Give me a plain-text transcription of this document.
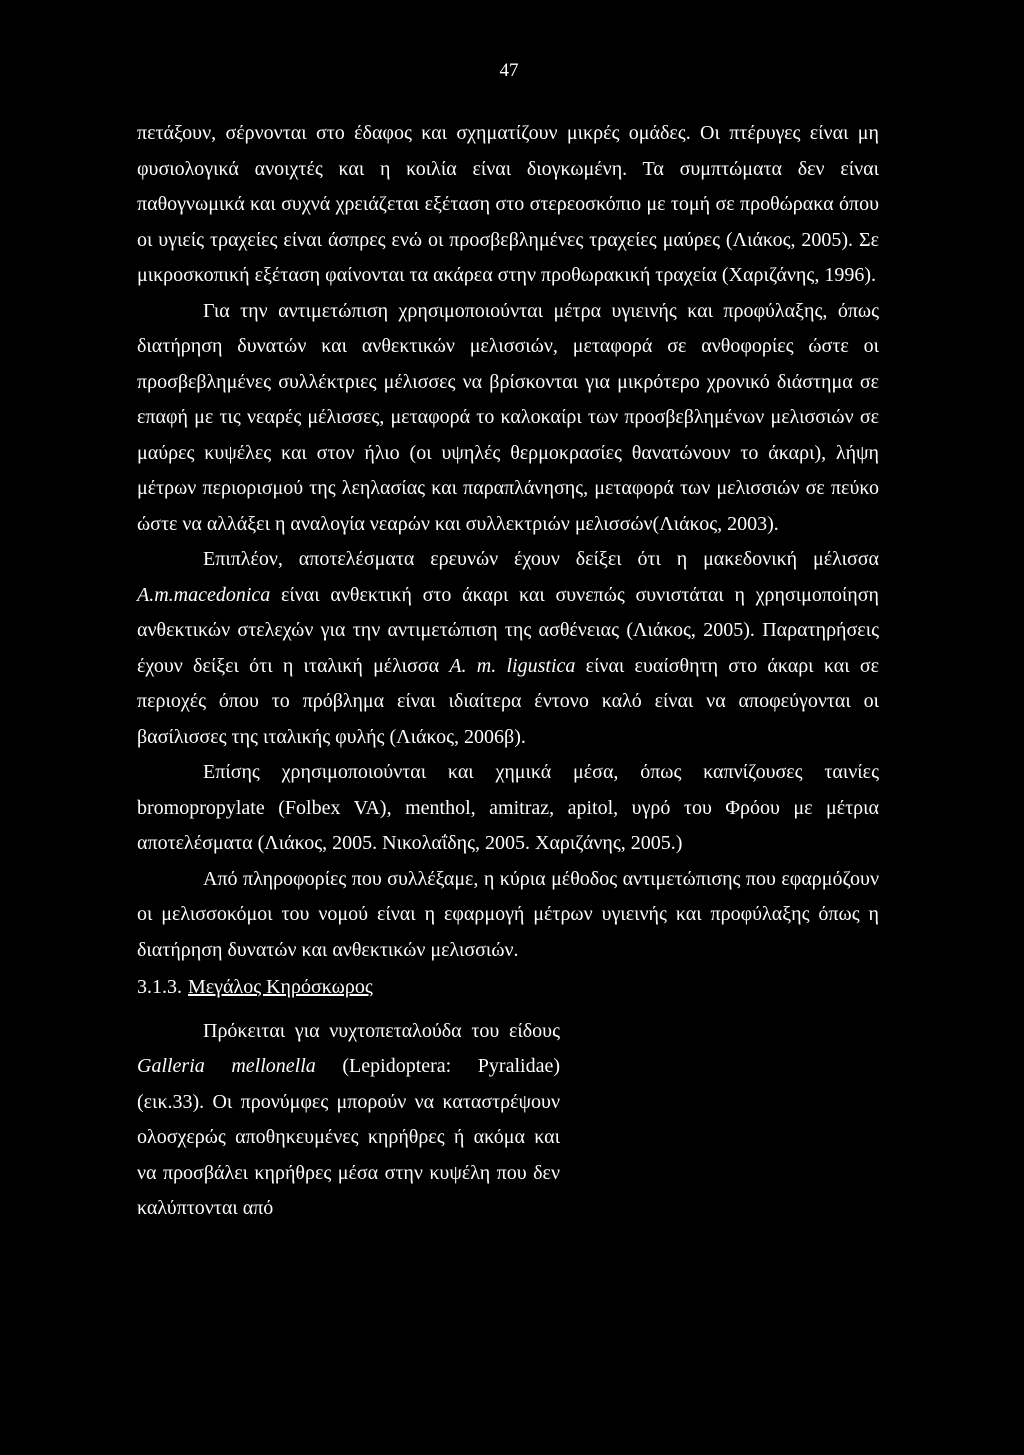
47

πετάξουν, σέρνονται στο έδαφος και σχηματίζουν μικρές ομάδες. Οι πτέρυγες είναι μη φυσιολογικά ανοιχτές και η κοιλία είναι διογκωμένη. Τα συμπτώματα δεν είναι παθογνωμικά και συχνά χρειάζεται εξέταση στο στερεοσκόπιο με τομή σε προθώρακα όπου οι υγιείς τραχείες είναι άσπρες ενώ οι προσβεβλημένες τραχείες μαύρες (Λιάκος, 2005). Σε μικροσκοπική εξέταση φαίνονται τα ακάρεα στην προθωρακική τραχεία (Χαριζάνης, 1996).

Για την αντιμετώπιση χρησιμοποιούνται μέτρα υγιεινής και προφύλαξης, όπως διατήρηση δυνατών και ανθεκτικών μελισσιών, μεταφορά σε ανθοφορίες ώστε οι προσβεβλημένες συλλέκτριες μέλισσες να βρίσκονται για μικρότερο χρονικό διάστημα σε επαφή με τις νεαρές μέλισσες, μεταφορά το καλοκαίρι των προσβεβλημένων μελισσιών σε μαύρες κυψέλες και στον ήλιο (οι υψηλές θερμοκρασίες θανατώνουν το άκαρι), λήψη μέτρων περιορισμού της λεηλασίας και παραπλάνησης, μεταφορά των μελισσιών σε πεύκο ώστε να αλλάξει η αναλογία νεαρών και συλλεκτριών μελισσών(Λιάκος, 2003).

Επιπλέον, αποτελέσματα ερευνών έχουν δείξει ότι η μακεδονική μέλισσα A.m.macedonica είναι ανθεκτική στο άκαρι και συνεπώς συνιστάται η χρησιμοποίηση ανθεκτικών στελεχών για την αντιμετώπιση της ασθένειας (Λιάκος, 2005). Παρατηρήσεις έχουν δείξει ότι η ιταλική μέλισσα A. m. ligustica είναι ευαίσθητη στο άκαρι και σε περιοχές όπου το πρόβλημα είναι ιδιαίτερα έντονο καλό είναι να αποφεύγονται οι βασίλισσες της ιταλικής φυλής (Λιάκος, 2006β).

Επίσης χρησιμοποιούνται και χημικά μέσα, όπως καπνίζουσες ταινίες bromopropylate (Folbex VA), menthol, amitraz, apitol, υγρό του Φρόου με μέτρια αποτελέσματα (Λιάκος, 2005. Νικολαΐδης, 2005. Χαριζάνης, 2005.)

Από πληροφορίες που συλλέξαμε, η κύρια μέθοδος αντιμετώπισης που εφαρμόζουν οι μελισσοκόμοι του νομού είναι η εφαρμογή μέτρων υγιεινής και προφύλαξης όπως η διατήρηση δυνατών και ανθεκτικών μελισσιών.

3.1.3. Μεγάλος Κηρόσκωρος

Πρόκειται για νυχτοπεταλούδα του είδους Galleria mellonella (Lepidoptera: Pyralidae) (εικ.33). Οι προνύμφες μπορούν να καταστρέψουν ολοσχερώς αποθηκευμένες κηρήθρες ή ακόμα και να προσβάλει κηρήθρες μέσα στην κυψέλη που δεν καλύπτονται από
